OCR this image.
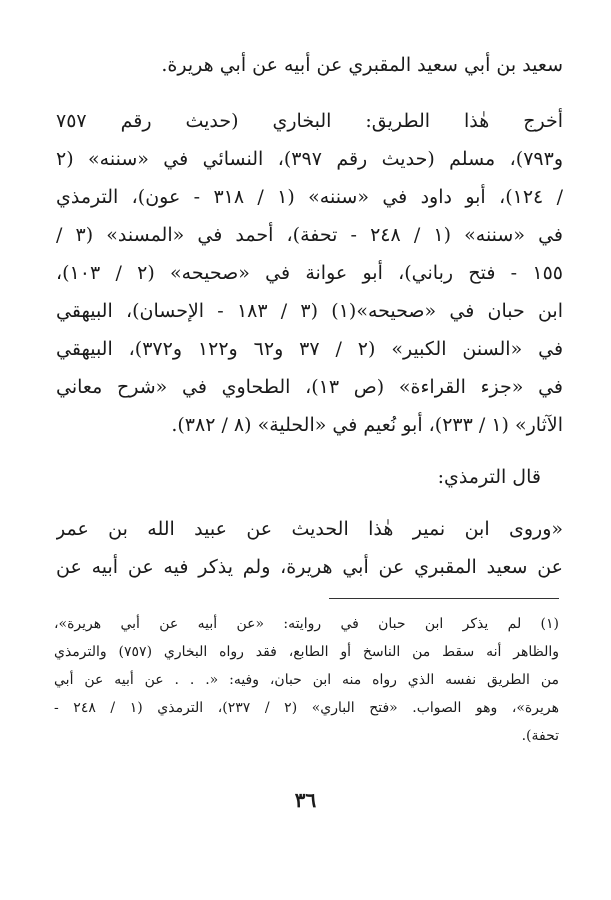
سعيد بن أبي سعيد المقبري عن أبيه عن أبي هريرة.
أخرج هٰذا الطريق: البخاري (حديث رقم ٧٥٧
و٧٩٣)، مسلم (حديث رقم ٣٩٧)، النسائي في «سننه» (٢
/ ١٢٤)، أبو داود في «سننه» (١ / ٣١٨ - عون)، الترمذي
في «سننه» (١ / ٢٤٨ - تحفة)، أحمد في «المسند» (٣ /
١٥٥ - فتح رباني)، أبو عوانة في «صحيحه» (٢ / ١٠٣)،
ابن حبان في «صحيحه»(١) (٣ / ١٨٣ - الإحسان)، البيهقي
في «السنن الكبير» (٢ / ٣٧ و٦٢ و١٢٢ و٣٧٢)، البيهقي
في «جزء القراءة» (ص ١٣)، الطحاوي في «شرح معاني
الآثار» (١ / ٢٣٣)، أبو نُعيم في «الحلية» (٨ / ٣٨٢).
قال الترمذي:
«وروى ابن نمير هٰذا الحديث عن عبيد الله بن عمر
عن سعيد المقبري عن أبي هريرة، ولم يذكر فيه عن أبيه عن
(١) لم يذكر ابن حبان في روايته: «عن أبيه عن أبي هريرة»،
والظاهر أنه سقط من الناسخ أو الطابع، فقد رواه البخاري (٧٥٧) والترمذي
من الطريق نفسه الذي رواه منه ابن حبان، وفيه: «. . . عن أبيه عن أبي
هريرة»، وهو الصواب. «فتح الباري» (٢ / ٢٣٧)، الترمذي (١ / ٢٤٨ -
تحفة).
٣٦
